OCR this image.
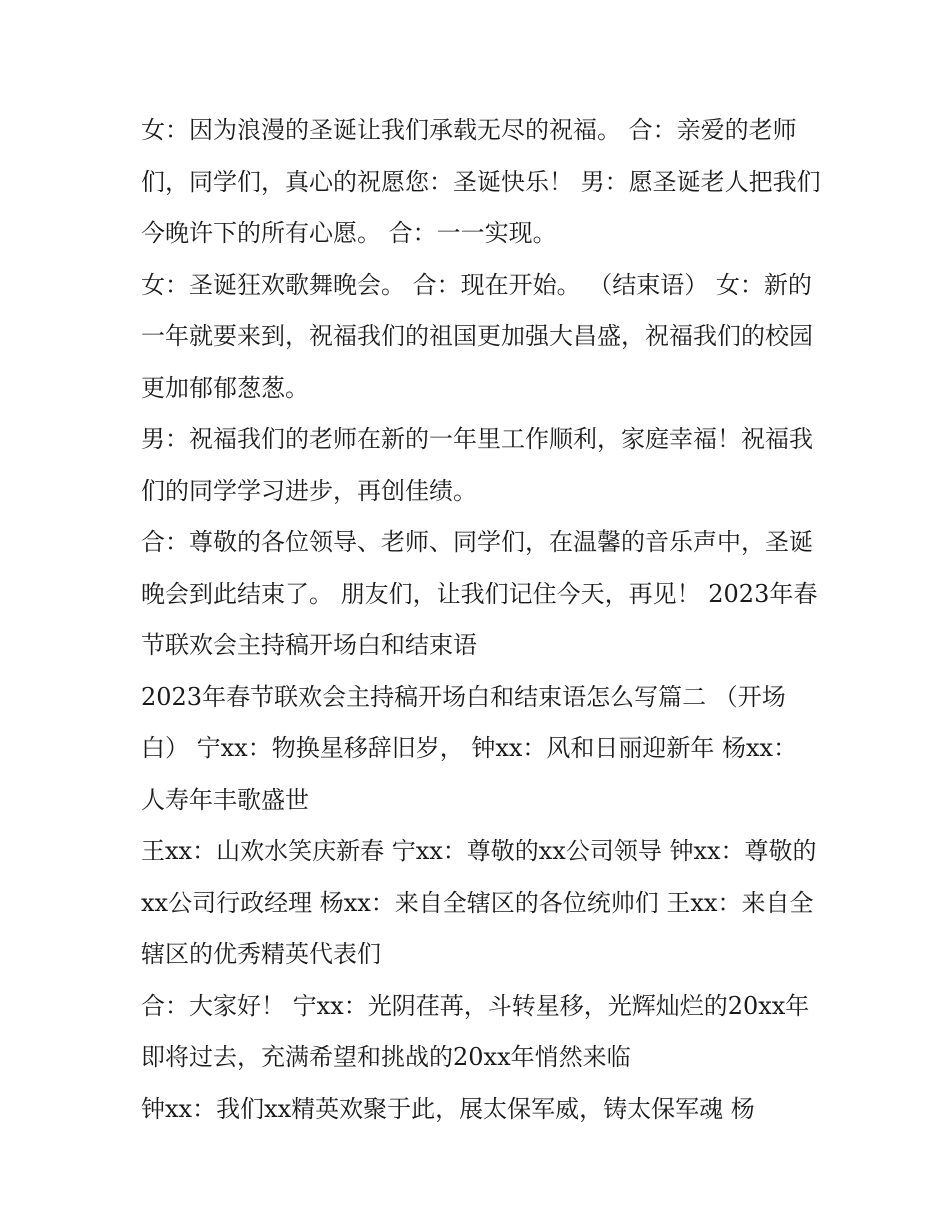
女：因为浪漫的圣诞让我们承载无尽的祝福。 合：亲爱的老师们，同学们，真心的祝愿您：圣诞快乐！ 男：愿圣诞老人把我们今晚许下的所有心愿。 合：一一实现。

女：圣诞狂欢歌舞晚会。 合：现在开始。 （结束语） 女：新的一年就要来到，祝福我们的祖国更加强大昌盛，祝福我们的校园更加郁郁葱葱。

男：祝福我们的老师在新的一年里工作顺利，家庭幸福！祝福我们的同学学习进步，再创佳绩。

合：尊敬的各位领导、老师、同学们，在温馨的音乐声中，圣诞晚会到此结束了。 朋友们，让我们记住今天，再见！ 2023年春节联欢会主持稿开场白和结束语

2023年春节联欢会主持稿开场白和结束语怎么写篇二 （开场白） 宁xx：物换星移辞旧岁， 钟xx：风和日丽迎新年 杨xx：人寿年丰歌盛世

王xx：山欢水笑庆新春 宁xx：尊敬的xx公司领导 钟xx：尊敬的xx公司行政经理 杨xx：来自全辖区的各位统帅们 王xx：来自全辖区的优秀精英代表们

合：大家好！ 宁xx：光阴荏苒，斗转星移，光辉灿烂的20xx年即将过去，充满希望和挑战的20xx年悄然来临

钟xx：我们xx精英欢聚于此，展太保军威，铸太保军魂 杨
